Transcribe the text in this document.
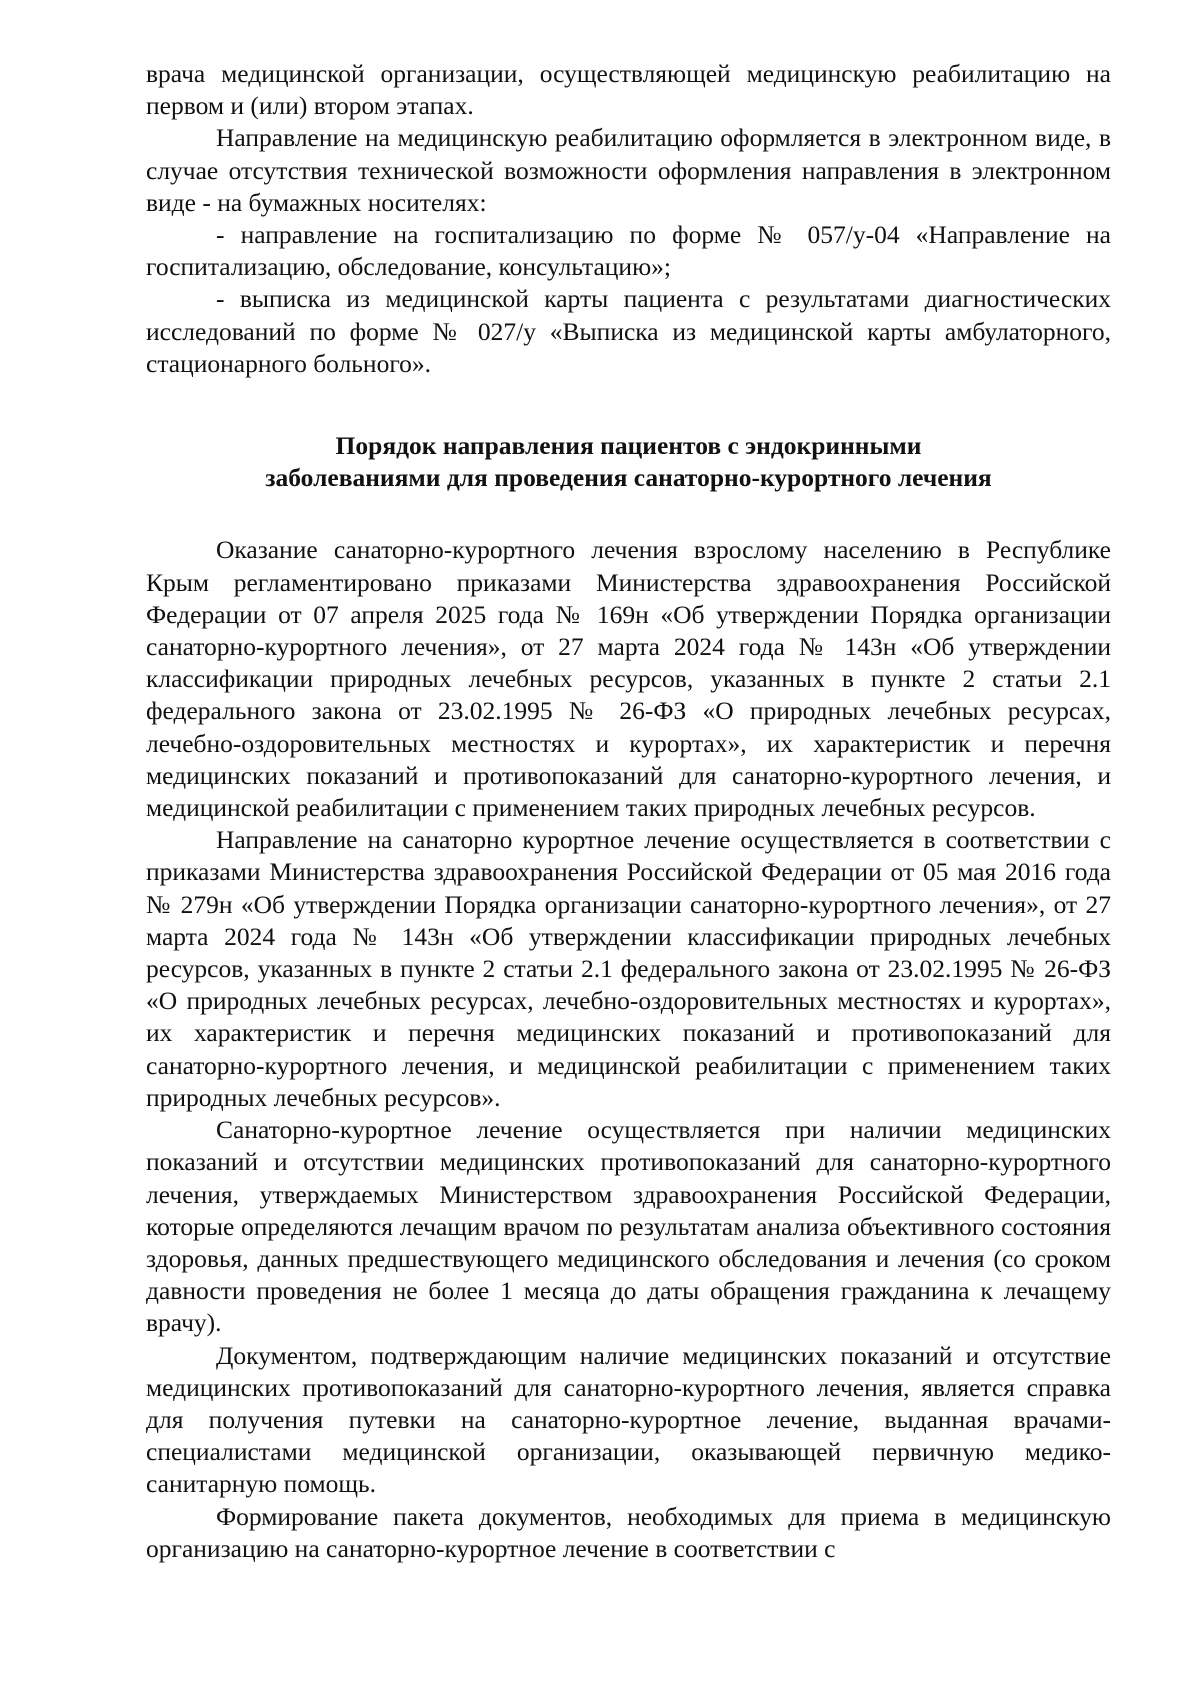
врача медицинской организации, осуществляющей медицинскую реабилитацию на первом и (или) втором этапах.

Направление на медицинскую реабилитацию оформляется в электронном виде, в случае отсутствия технической возможности оформления направления в электронном виде - на бумажных носителях:

- направление на госпитализацию по форме № 057/у-04 «Направление на госпитализацию, обследование, консультацию»;

- выписка из медицинской карты пациента с результатами диагностических исследований по форме № 027/у «Выписка из медицинской карты амбулаторного, стационарного больного».

Порядок направления пациентов с эндокринными
заболеваниями для проведения санаторно-курортного лечения

Оказание санаторно-курортного лечения взрослому населению в Республике Крым регламентировано приказами Министерства здравоохранения Российской Федерации от 07 апреля 2025 года № 169н «Об утверждении Порядка организации санаторно-курортного лечения», от 27 марта 2024 года № 143н «Об утверждении классификации природных лечебных ресурсов, указанных в пункте 2 статьи 2.1 федерального закона от 23.02.1995 № 26-ФЗ «О природных лечебных ресурсах, лечебно-оздоровительных местностях и курортах», их характеристик и перечня медицинских показаний и противопоказаний для санаторно-курортного лечения, и медицинской реабилитации с применением таких природных лечебных ресурсов.

Направление на санаторно курортное лечение осуществляется в соответствии с приказами Министерства здравоохранения Российской Федерации от 05 мая 2016 года № 279н «Об утверждении Порядка организации санаторно-курортного лечения», от 27 марта 2024 года № 143н «Об утверждении классификации природных лечебных ресурсов, указанных в пункте 2 статьи 2.1 федерального закона от 23.02.1995 № 26-ФЗ «О природных лечебных ресурсах, лечебно-оздоровительных местностях и курортах», их характеристик и перечня медицинских показаний и противопоказаний для санаторно-курортного лечения, и медицинской реабилитации с применением таких природных лечебных ресурсов».

Санаторно-курортное лечение осуществляется при наличии медицинских показаний и отсутствии медицинских противопоказаний для санаторно-курортного лечения, утверждаемых Министерством здравоохранения Российской Федерации, которые определяются лечащим врачом по результатам анализа объективного состояния здоровья, данных предшествующего медицинского обследования и лечения (со сроком давности проведения не более 1 месяца до даты обращения гражданина к лечащему врачу).

Документом, подтверждающим наличие медицинских показаний и отсутствие медицинских противопоказаний для санаторно-курортного лечения, является справка для получения путевки на санаторно-курортное лечение, выданная врачами-специалистами медицинской организации, оказывающей первичную медико-санитарную помощь.

Формирование пакета документов, необходимых для приема в медицинскую организацию на санаторно-курортное лечение в соответствии с
